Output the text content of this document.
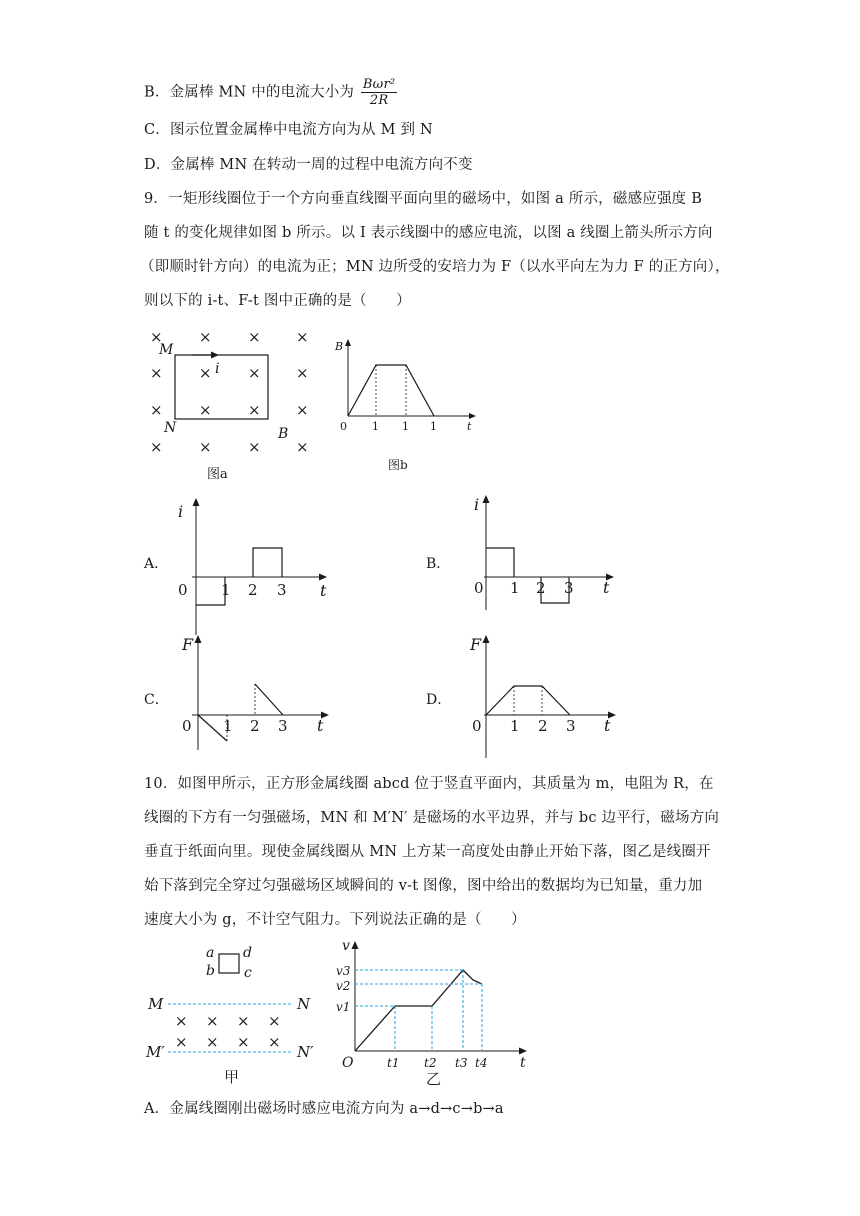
B．金属棒 MN 中的电流大小为 $\frac{\text{Bωr²}}{2R}$
C．图示位置金属棒中电流方向为从 M 到 N
D．金属棒 MN 在转动一周的过程中电流方向不变
9．一矩形线圈位于一个方向垂直线圈平面向里的磁场中，如图 a 所示，磁感应强度 B
随 t 的变化规律如图 b 所示。以 I 表示线圈中的感应电流，以图 a 线圈上箭头所示方向
（即顺时针方向）的电流为正；MN 边所受的安培力为 F（以水平向左为力 F 的正方向），
则以下的 i-t、F-t 图中正确的是（　　）
× × × ×
× × × ×
× × × ×
× × × ×
M
N
i
B
图a
B
t
0 1 1 1
图b
A．
i
t
0 1 2 3
B．
i
t
0 1 2 3
C．
F
t
0 1 2 3
D．
F
t
0 1 2 3
10．如图甲所示，正方形金属线圈 abcd 位于竖直平面内，其质量为 m，电阻为 R，在
线圈的下方有一匀强磁场，MN 和 M′N′ 是磁场的水平边界，并与 bc 边平行，磁场方向
垂直于纸面向里。现使金属线圈从 MN 上方某一高度处由静止开始下落，图乙是线圈开
始下落到完全穿过匀强磁场区域瞬间的 v-t 图像，图中给出的数据均为已知量，重力加
速度大小为 g，不计空气阻力。下列说法正确的是（　　）
a d
b c
M	N
M′	N′
× × × ×
× × × ×
甲
v
t
O
v3
v2
v1
t1 t2 t3 t4
乙
A．金属线圈刚出磁场时感应电流方向为 a→d→c→b→a
